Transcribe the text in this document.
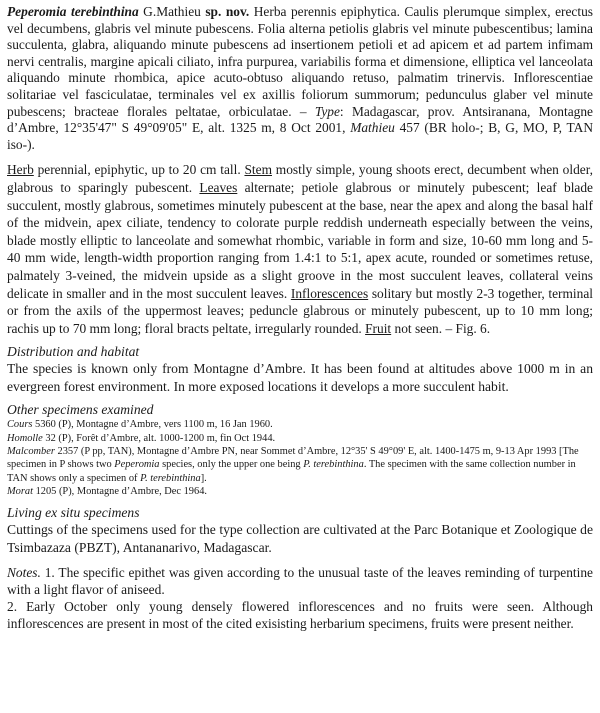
Peperomia terebinthina G.Mathieu sp. nov. Herba perennis epiphytica. Caulis plerumque simplex, erectus vel decumbens, glabris vel minute pubescens. Folia alterna petiolis glabris vel minute pubescentibus; lamina succulenta, glabra, aliquando minute pubescens ad insertionem petioli et ad apicem et ad partem infimam nervi centralis, margine apicali ciliato, infra purpurea, variabilis forma et dimensione, elliptica vel lanceolata aliquando minute rhombica, apice acuto-obtuso aliquando retuso, palmatim trinervis. Inflorescentiae solitariae vel fasciculatae, terminales vel ex axillis foliorum summorum; pedunculus glaber vel minute pubescens; bracteae florales peltatae, orbiculatae. – Type: Madagascar, prov. Antsiranana, Montagne d’Ambre, 12°35'47" S 49°09'05" E, alt. 1325 m, 8 Oct 2001, Mathieu 457 (BR holo-; B, G, MO, P, TAN iso-).

Herb perennial, epiphytic, up to 20 cm tall. Stem mostly simple, young shoots erect, decumbent when older, glabrous to sparingly pubescent. Leaves alternate; petiole glabrous or minutely pubescent; leaf blade succulent, mostly glabrous, sometimes minutely pubescent at the base, near the apex and along the basal half of the midvein, apex ciliate, tendency to colorate purple reddish underneath especially between the veins, blade mostly elliptic to lanceolate and somewhat rhombic, variable in form and size, 10-60 mm long and 5-40 mm wide, length-width proportion ranging from 1.4:1 to 5:1, apex acute, rounded or sometimes retuse, palmately 3-veined, the midvein upside as a slight groove in the most succulent leaves, collateral veins delicate in smaller and in the most succulent leaves. Inflorescences solitary but mostly 2-3 together, terminal or from the axils of the uppermost leaves; peduncle glabrous or minutely pubescent, up to 10 mm long; rachis up to 70 mm long; floral bracts peltate, irregularly rounded. Fruit not seen. – Fig. 6.

Distribution and habitat

The species is known only from Montagne d’Ambre. It has been found at altitudes above 1000 m in an evergreen forest environment. In more exposed locations it develops a more succulent habit.

Other specimens examined

Cours 5360 (P), Montagne d’Ambre, vers 1100 m, 16 Jan 1960.

Homolle 32 (P), Forêt d’Ambre, alt. 1000-1200 m, fin Oct 1944.

Malcomber 2357 (P pp, TAN), Montagne d’Ambre PN, near Sommet d’Ambre, 12°35' S 49°09' E, alt. 1400-1475 m, 9-13 Apr 1993 [The specimen in P shows two Peperomia species, only the upper one being P. terebinthina. The specimen with the same collection number in TAN shows only a specimen of P. terebinthina].

Morat 1205 (P), Montagne d’Ambre, Dec 1964.

Living ex situ specimens

Cuttings of the specimens used for the type collection are cultivated at the Parc Botanique et Zoologique de Tsimbazaza (PBZT), Antananarivo, Madagascar.

Notes. 1. The specific epithet was given according to the unusual taste of the leaves reminding of turpentine with a light flavor of aniseed.

2. Early October only young densely flowered inflorescences and no fruits were seen. Although inflorescences are present in most of the cited exisisting herbarium specimens, fruits were present neither.
